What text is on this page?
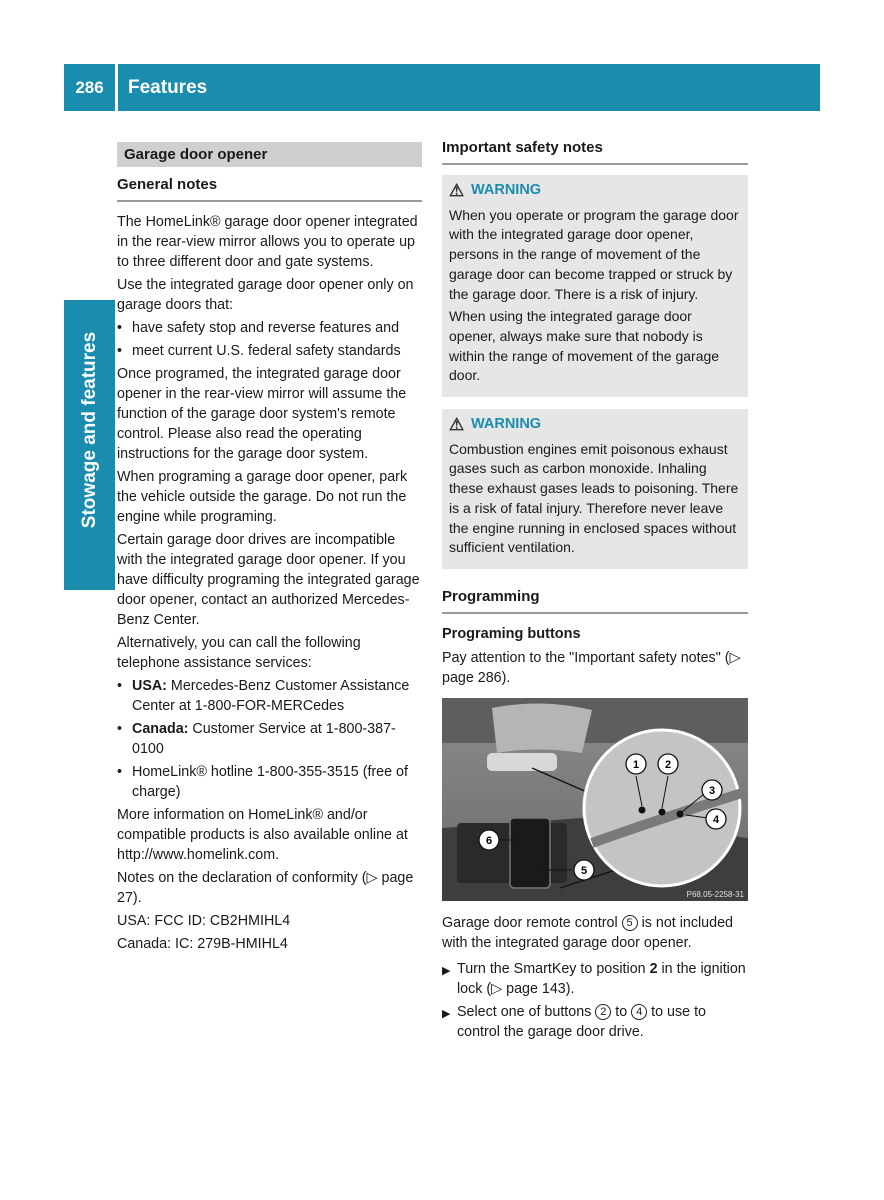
286	Features
Stowage and features
Garage door opener
General notes

The HomeLink® garage door opener integrated in the rear-view mirror allows you to operate up to three different door and gate systems.

Use the integrated garage door opener only on garage doors that:

•
have safety stop and reverse features and
•
meet current U.S. federal safety standards

Once programed, the integrated garage door opener in the rear-view mirror will assume the function of the garage door system's remote control. Please also read the operating instructions for the garage door system.

When programing a garage door opener, park the vehicle outside the garage. Do not run the engine while programing.

Certain garage door drives are incompatible with the integrated garage door opener. If you have difficulty programing the integrated garage door opener, contact an authorized Mercedes-Benz Center.

Alternatively, you can call the following telephone assistance services:

•
USA: Mercedes-Benz Customer Assistance Center at 1-800-FOR-MERCedes
•
Canada: Customer Service at 1-800-387-0100
•
HomeLink® hotline 1-800-355-3515 (free of charge)

More information on HomeLink® and/or compatible products is also available online at http://www.homelink.com.

Notes on the declaration of conformity (▷ page 27).

USA: FCC ID: CB2HMIHL4

Canada: IC: 279B-HMIHL4

Important safety notes
⚠ WARNING

When you operate or program the garage door with the integrated garage door opener, persons in the range of movement of the garage door can become trapped or struck by the garage door. There is a risk of injury.

When using the integrated garage door opener, always make sure that nobody is within the range of movement of the garage door.

⚠ WARNING

Combustion engines emit poisonous exhaust gases such as carbon monoxide. Inhaling these exhaust gases leads to poisoning. There is a risk of fatal injury. Therefore never leave the engine running in enclosed spaces without sufficient ventilation.

Programming
Programing buttons

Pay attention to the "Important safety notes" (▷ page 286).

1 2
3
4
5
6
P68.05-2258-31

Garage door remote control 5 is not included with the integrated garage door opener.

▶ Turn the SmartKey to position 2 in the ignition lock (▷ page 143).
▶ Select one of buttons 2 to 4 to use to control the garage door drive.
